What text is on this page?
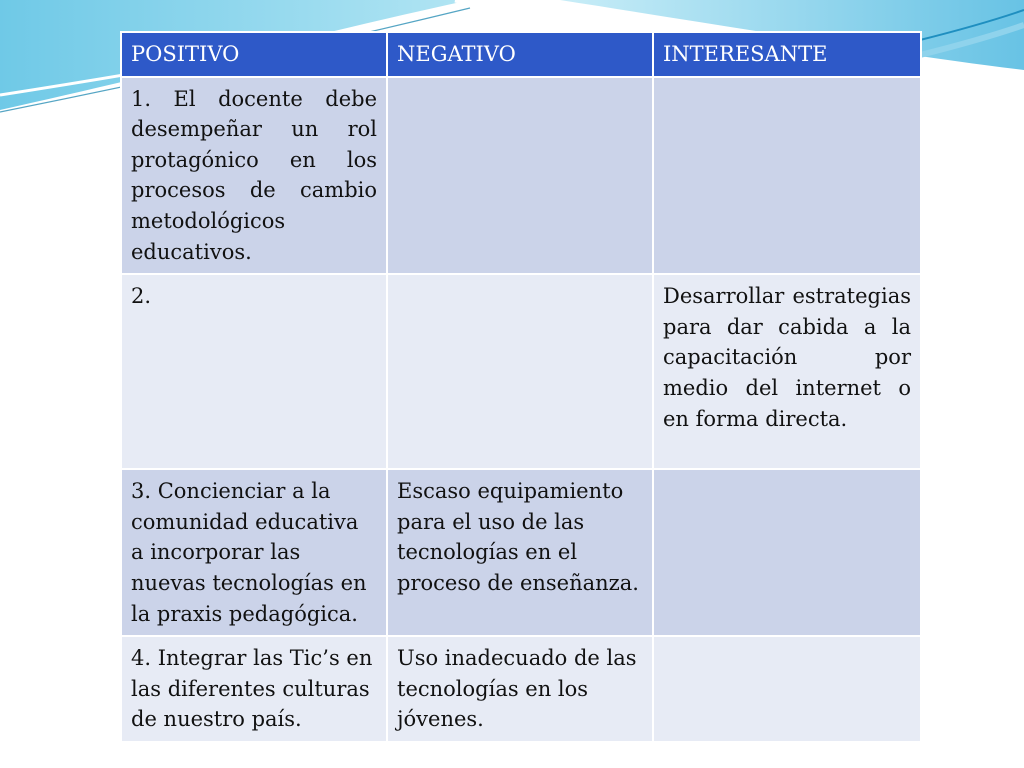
POSITIVO	NEGATIVO	INTERESANTE
1. El docente debe desempeñar un rol protagónico en los procesos de cambio metodológicos educativos.		
2.		Desarrollar estrategias para dar cabida a la capacitación por medio del internet o en forma directa.
3. Concienciar a la comunidad educativa a incorporar las nuevas tecnologías en la praxis pedagógica.	Escaso equipamiento para el uso de las tecnologías en el proceso de enseñanza.	
4. Integrar las Tic’s en las diferentes culturas de nuestro país.	Uso inadecuado de las tecnologías en los jóvenes.	
